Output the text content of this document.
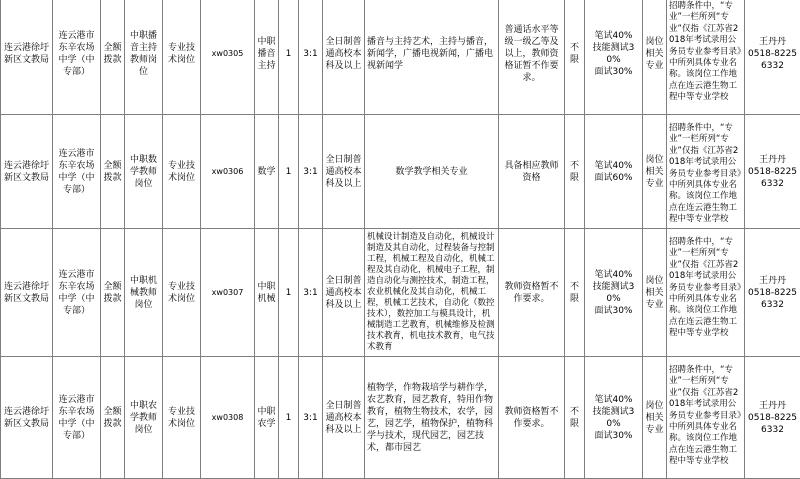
连云港徐圩新区文教局	连云港市东辛农场中学（中专部）	全额拨款	中职播音主持教师岗位	专业技术岗位	xw0305	中职播音主持	1	3:1	全日制普通高校本科及以上	播音与主持艺术，主持与播音，新闻学，广播电视新闻，广播电视新闻学	普通话水平等级一级乙等及以上，教师资格证暂不作要求。	不限	笔试40%
技能测试30%
面试30%	岗位相关专业	招聘条件中，“专业”一栏所列“专业”仅指《江苏省2018年考试录用公务员专业参考目录》中所列具体专业名称。该岗位工作地点在连云港生物工程中等专业学校	王丹丹
0518-82256332

连云港徐圩新区文教局	连云港市东辛农场中学（中专部）	全额拨款	中职数学教师岗位	专业技术岗位	xw0306	数学	1	3:1	全日制普通高校本科及以上	数学教学相关专业	具备相应教师资格	不限	笔试40%
面试60%	岗位相关专业	招聘条件中，“专业”一栏所列“专业”仅指《江苏省2018年考试录用公务员专业参考目录》中所列具体专业名称。该岗位工作地点在连云港生物工程中等专业学校	王丹丹
0518-82256332

连云港徐圩新区文教局	连云港市东辛农场中学（中专部）	全额拨款	中职机械教师岗位	专业技术岗位	xw0307	中职机械	1	3:1	全日制普通高校本科及以上	机械设计制造及自动化，机械设计制造及其自动化，过程装备与控制工程，机械工程及自动化，机械工程及其自动化，机械电子工程，制造自动化与测控技术，制造工程，农业机械化及其自动化，机械工程，机械工艺技术，自动化（数控技术），数控加工与模具设计，机械制造工艺教育，机械维修及检测技术教育，机电技术教育，电气技术教育	教师资格暂不作要求。	不限	笔试40%
技能测试30%
面试30%	岗位相关专业	招聘条件中，“专业”一栏所列“专业”仅指《江苏省2018年考试录用公务员专业参考目录》中所列具体专业名称。该岗位工作地点在连云港生物工程中等专业学校	王丹丹
0518-82256332

连云港徐圩新区文教局	连云港市东辛农场中学（中专部）	全额拨款	中职农学教师岗位	专业技术岗位	xw0308	中职农学	1	3:1	全日制普通高校本科及以上	植物学，作物栽培学与耕作学，农艺教育，园艺教育，特用作物教育，植物生物技术，农学，园艺，园艺学，植物保护，植物科学与技术，现代园艺，园艺技术，都市园艺	教师资格暂不作要求。	不限	笔试40%
技能测试30%
面试30%	岗位相关专业	招聘条件中，“专业”一栏所列“专业”仅指《江苏省2018年考试录用公务员专业参考目录》中所列具体专业名称。该岗位工作地点在连云港生物工程中等专业学校	王丹丹
0518-82256332
